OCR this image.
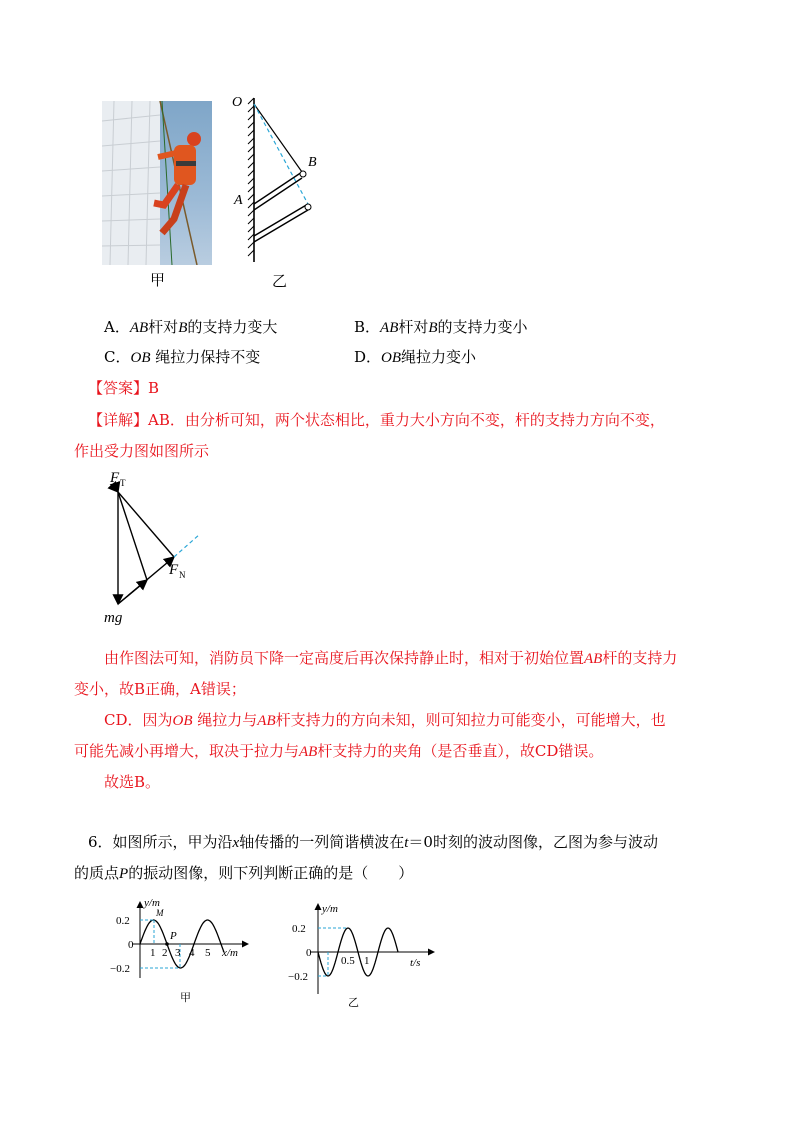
甲
O
A
B
乙
A．AB杆对B的支持力变大	B．AB杆对B的支持力变小
C．OB 绳拉力保持不变	D．OB绳拉力变小
【答案】B
【详解】AB．由分析可知，两个状态相比，重力大小方向不变，杆的支持力方向不变，
作出受力图如图所示
F T
F N
mg
由作图法可知，消防员下降一定高度后再次保持静止时，相对于初始位置AB杆的支持力
变小，故B正确，A错误；
CD．因为OB 绳拉力与AB杆支持力的方向未知，则可知拉力可能变小，可能增大，也
可能先减小再增大，取决于拉力与AB杆支持力的夹角（是否垂直），故CD错误。
故选B。
6．如图所示，甲为沿x轴传播的一列简谐横波在t＝0时刻的波动图像，乙图为参与波动
的质点P的振动图像，则下列判断正确的是（　　）
y/m
x/m
0.2
0
−0.2
1 2 3 4 5
M
P
甲
y/m
t/s
0.2
0
−0.2
0.5 1
乙
